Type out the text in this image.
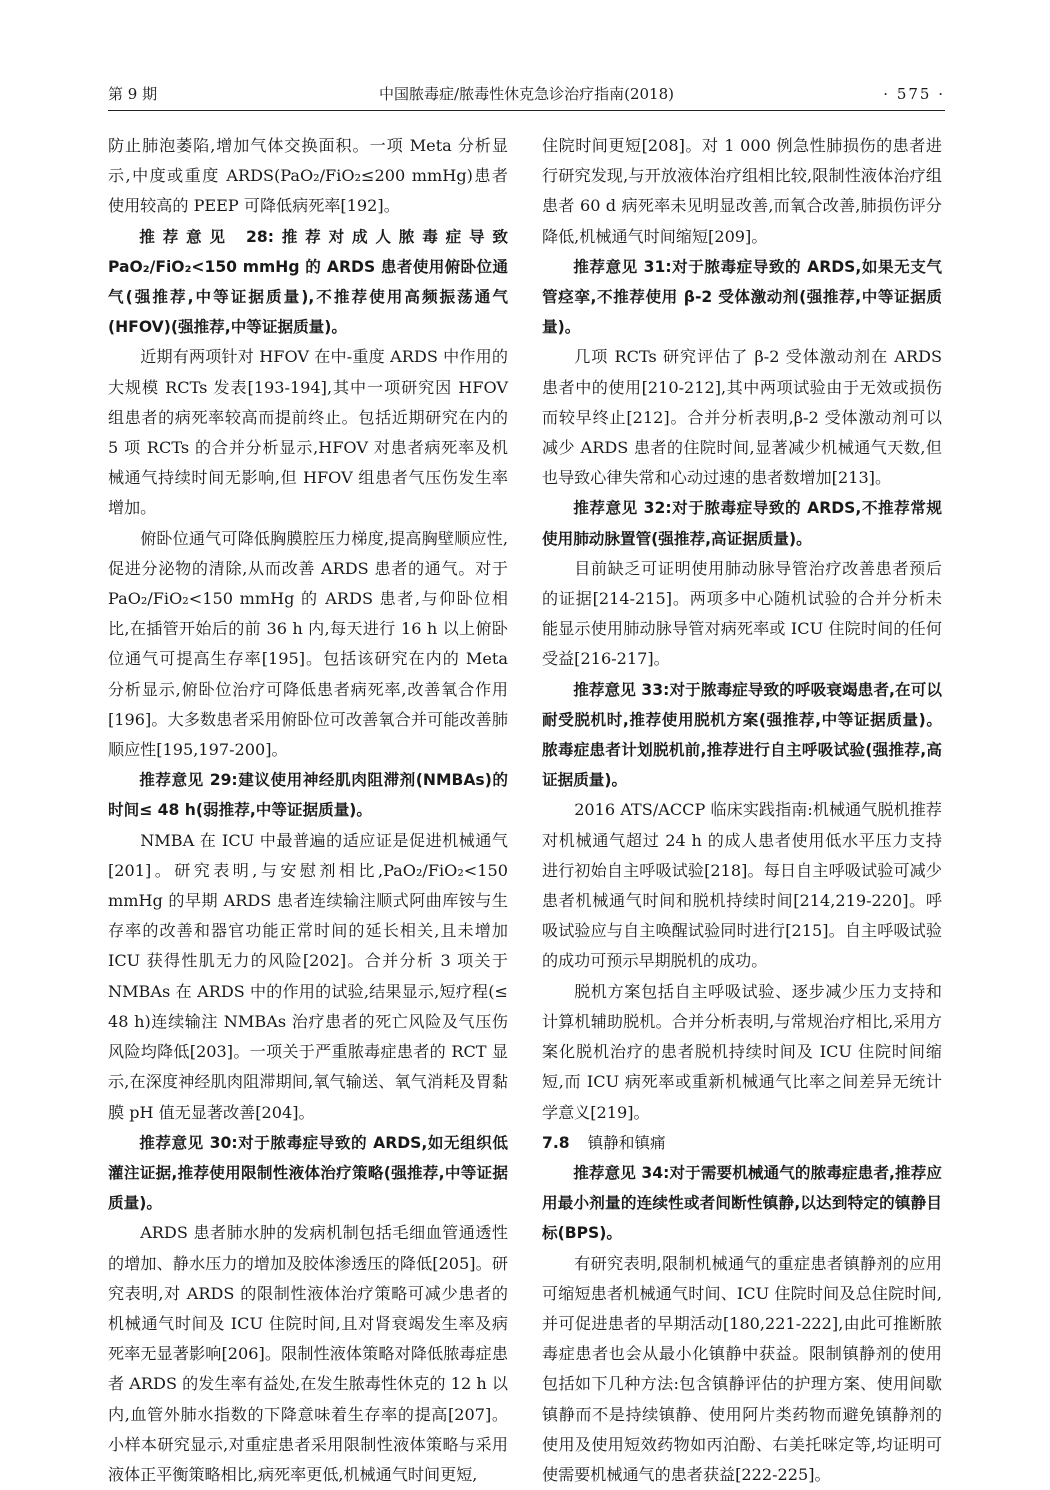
第 9 期	中国脓毒症/脓毒性休克急诊治疗指南(2018)	· 575 ·

防止肺泡萎陷,增加气体交换面积。一项 Meta 分析显示,中度或重度 ARDS(PaO₂/FiO₂≤200 mmHg)患者使用较高的 PEEP 可降低病死率[192]。

推荐意见 28:推荐对成人脓毒症导致 PaO₂/FiO₂<150 mmHg 的 ARDS 患者使用俯卧位通气(强推荐,中等证据质量),不推荐使用高频振荡通气(HFOV)(强推荐,中等证据质量)。

近期有两项针对 HFOV 在中-重度 ARDS 中作用的大规模 RCTs 发表[193-194],其中一项研究因 HFOV 组患者的病死率较高而提前终止。包括近期研究在内的 5 项 RCTs 的合并分析显示,HFOV 对患者病死率及机械通气持续时间无影响,但 HFOV 组患者气压伤发生率增加。

俯卧位通气可降低胸膜腔压力梯度,提高胸壁顺应性,促进分泌物的清除,从而改善 ARDS 患者的通气。对于 PaO₂/FiO₂<150 mmHg 的 ARDS 患者,与仰卧位相比,在插管开始后的前 36 h 内,每天进行 16 h 以上俯卧位通气可提高生存率[195]。包括该研究在内的 Meta 分析显示,俯卧位治疗可降低患者病死率,改善氧合作用[196]。大多数患者采用俯卧位可改善氧合并可能改善肺顺应性[195,197-200]。

推荐意见 29:建议使用神经肌肉阻滞剂(NMBAs)的时间≤ 48 h(弱推荐,中等证据质量)。

NMBA 在 ICU 中最普遍的适应证是促进机械通气[201]。研究表明,与安慰剂相比,PaO₂/FiO₂<150 mmHg 的早期 ARDS 患者连续输注顺式阿曲库铵与生存率的改善和器官功能正常时间的延长相关,且未增加 ICU 获得性肌无力的风险[202]。合并分析 3 项关于 NMBAs 在 ARDS 中的作用的试验,结果显示,短疗程(≤ 48 h)连续输注 NMBAs 治疗患者的死亡风险及气压伤风险均降低[203]。一项关于严重脓毒症患者的 RCT 显示,在深度神经肌肉阻滞期间,氧气输送、氧气消耗及胃黏膜 pH 值无显著改善[204]。

推荐意见 30:对于脓毒症导致的 ARDS,如无组织低灌注证据,推荐使用限制性液体治疗策略(强推荐,中等证据质量)。

ARDS 患者肺水肿的发病机制包括毛细血管通透性的增加、静水压力的增加及胶体渗透压的降低[205]。研究表明,对 ARDS 的限制性液体治疗策略可减少患者的机械通气时间及 ICU 住院时间,且对肾衰竭发生率及病死率无显著影响[206]。限制性液体策略对降低脓毒症患者 ARDS 的发生率有益处,在发生脓毒性休克的 12 h 以内,血管外肺水指数的下降意味着生存率的提高[207]。小样本研究显示,对重症患者采用限制性液体策略与采用液体正平衡策略相比,病死率更低,机械通气时间更短,

住院时间更短[208]。对 1 000 例急性肺损伤的患者进行研究发现,与开放液体治疗组相比较,限制性液体治疗组患者 60 d 病死率未见明显改善,而氧合改善,肺损伤评分降低,机械通气时间缩短[209]。

推荐意见 31:对于脓毒症导致的 ARDS,如果无支气管痉挛,不推荐使用 β-2 受体激动剂(强推荐,中等证据质量)。

几项 RCTs 研究评估了 β-2 受体激动剂在 ARDS 患者中的使用[210-212],其中两项试验由于无效或损伤而较早终止[212]。合并分析表明,β-2 受体激动剂可以减少 ARDS 患者的住院时间,显著减少机械通气天数,但也导致心律失常和心动过速的患者数增加[213]。

推荐意见 32:对于脓毒症导致的 ARDS,不推荐常规使用肺动脉置管(强推荐,高证据质量)。

目前缺乏可证明使用肺动脉导管治疗改善患者预后的证据[214-215]。两项多中心随机试验的合并分析未能显示使用肺动脉导管对病死率或 ICU 住院时间的任何受益[216-217]。

推荐意见 33:对于脓毒症导致的呼吸衰竭患者,在可以耐受脱机时,推荐使用脱机方案(强推荐,中等证据质量)。脓毒症患者计划脱机前,推荐进行自主呼吸试验(强推荐,高证据质量)。

2016 ATS/ACCP 临床实践指南:机械通气脱机推荐对机械通气超过 24 h 的成人患者使用低水平压力支持进行初始自主呼吸试验[218]。每日自主呼吸试验可减少患者机械通气时间和脱机持续时间[214,219-220]。呼吸试验应与自主唤醒试验同时进行[215]。自主呼吸试验的成功可预示早期脱机的成功。

脱机方案包括自主呼吸试验、逐步减少压力支持和计算机辅助脱机。合并分析表明,与常规治疗相比,采用方案化脱机治疗的患者脱机持续时间及 ICU 住院时间缩短,而 ICU 病死率或重新机械通气比率之间差异无统计学意义[219]。

7.8 镇静和镇痛

推荐意见 34:对于需要机械通气的脓毒症患者,推荐应用最小剂量的连续性或者间断性镇静,以达到特定的镇静目标(BPS)。

有研究表明,限制机械通气的重症患者镇静剂的应用可缩短患者机械通气时间、ICU 住院时间及总住院时间,并可促进患者的早期活动[180,221-222],由此可推断脓毒症患者也会从最小化镇静中获益。限制镇静剂的使用包括如下几种方法:包含镇静评估的护理方案、使用间歇镇静而不是持续镇静、使用阿片类药物而避免镇静剂的使用及使用短效药物如丙泊酚、右美托咪定等,均证明可使需要机械通气的患者获益[222-225]。
